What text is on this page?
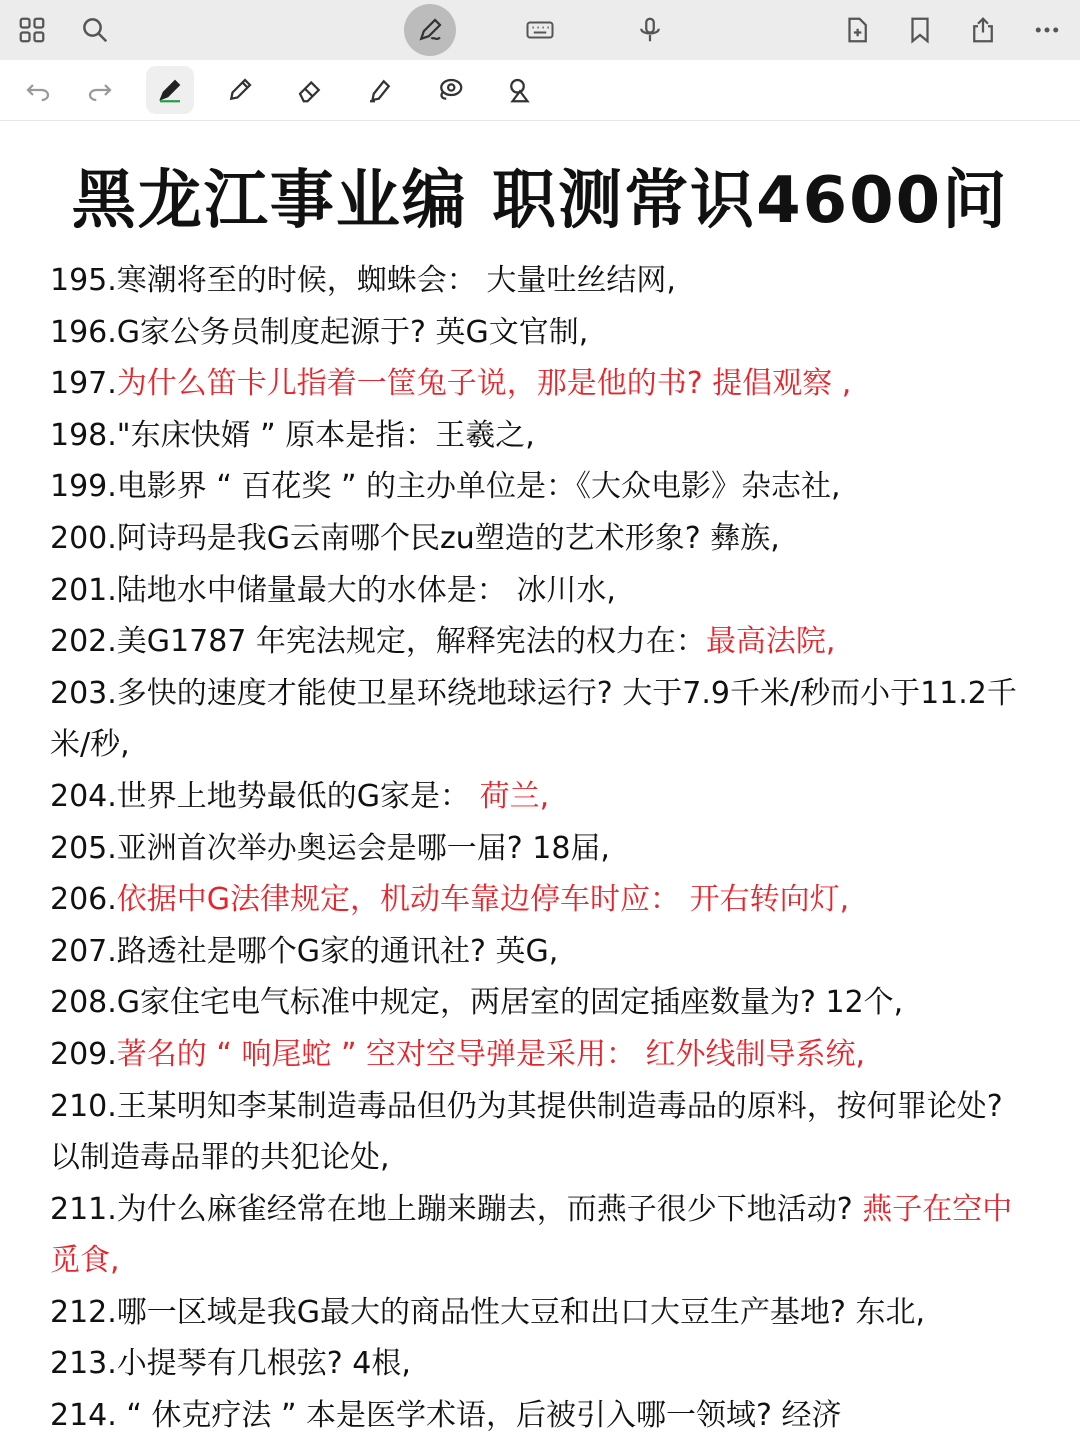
黑龙江事业编 职测常识4600问
195.寒潮将至的时候，蜘蛛会： 大量吐丝结网,
196.G家公务员制度起源于? 英G文官制,
197.为什么笛卡儿指着一筐兔子说，那是他的书? 提倡观察 ,
198."东床快婿 ” 原本是指：王羲之,
199.电影界 “ 百花奖 ” 的主办单位是：《大众电影》杂志社,
200.阿诗玛是我G云南哪个民zu塑造的艺术形象? 彝族,
201.陆地水中储量最大的水体是： 冰川水,
202.美G1787 年宪法规定，解释宪法的权力在：最高法院,
203.多快的速度才能使卫星环绕地球运行? 大于7.9千米/秒而小于11.2千米/秒,
204.世界上地势最低的G家是： 荷兰,
205.亚洲首次举办奥运会是哪一届? 18届,
206.依据中G法律规定，机动车靠边停车时应： 开右转向灯,
207.路透社是哪个G家的通讯社? 英G,
208.G家住宅电气标准中规定，两居室的固定插座数量为? 12个,
209.著名的 “ 响尾蛇 ” 空对空导弹是采用： 红外线制导系统,
210.王某明知李某制造毒品但仍为其提供制造毒品的原料，按何罪论处? 以制造毒品罪的共犯论处,
211.为什么麻雀经常在地上蹦来蹦去，而燕子很少下地活动? 燕子在空中觅食,
212.哪一区域是我G最大的商品性大豆和出口大豆生产基地? 东北,
213.小提琴有几根弦? 4根,
214. “ 休克疗法 ” 本是医学术语，后被引入哪一领域? 经济
